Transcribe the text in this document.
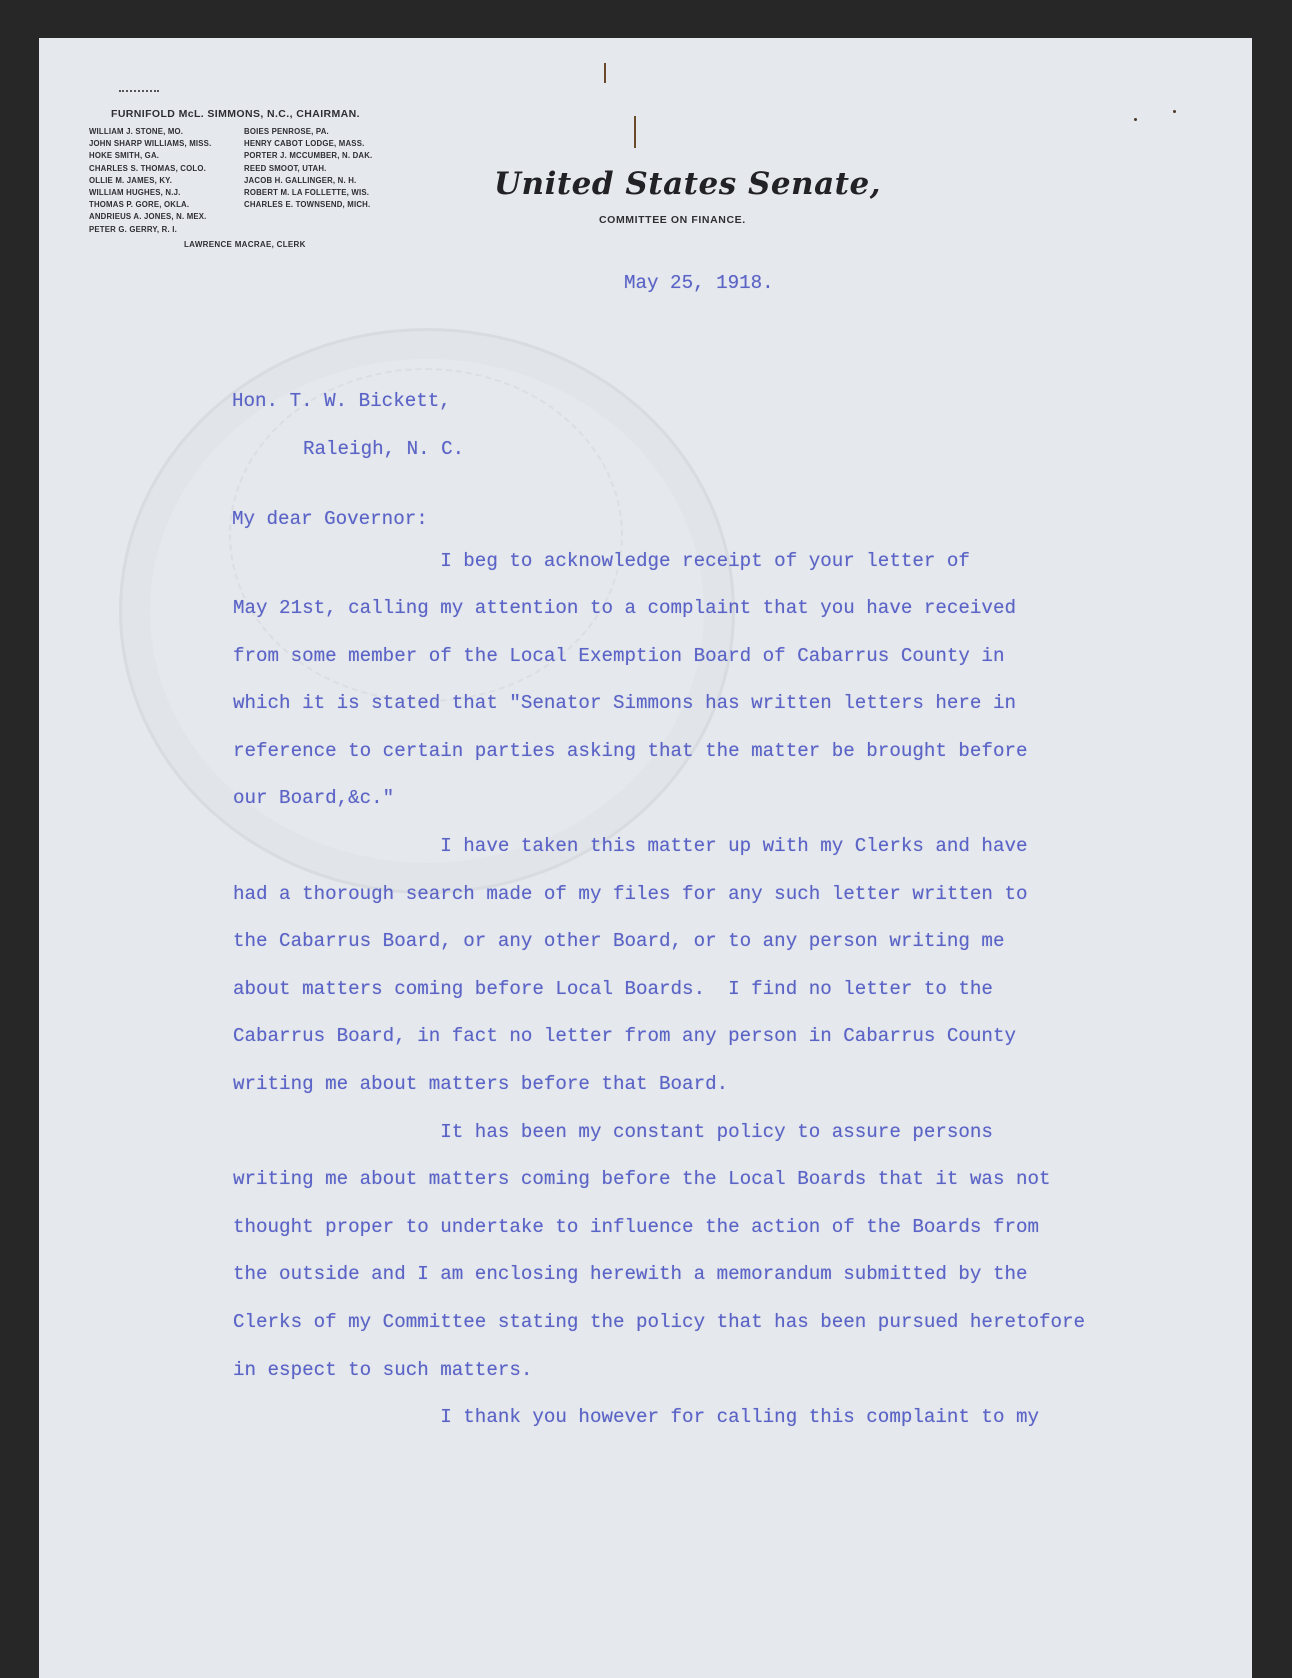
FURNIFOLD McL. SIMMONS, N.C., CHAIRMAN.
WILLIAM J. STONE, MO.
JOHN SHARP WILLIAMS, MISS.
HOKE SMITH, GA.
CHARLES S. THOMAS, COLO.
OLLIE M. JAMES, KY.
WILLIAM HUGHES, N.J.
THOMAS P. GORE, OKLA.
ANDRIEUS A. JONES, N. MEX.
PETER G. GERRY, R. I.
BOIES PENROSE, PA.
HENRY CABOT LODGE, MASS.
PORTER J. MCCUMBER, N. DAK.
REED SMOOT, UTAH.
JACOB H. GALLINGER, N. H.
ROBERT M. LA FOLLETTE, WIS.
CHARLES E. TOWNSEND, MICH.
LAWRENCE MACRAE, CLERK
United States Senate,
COMMITTEE ON FINANCE.
May 25, 1918.
Hon. T. W. Bickett,
Raleigh, N. C.
My dear Governor:
I beg to acknowledge receipt of your letter of
May 21st, calling my attention to a complaint that you have received
from some member of the Local Exemption Board of Cabarrus County in
which it is stated that "Senator Simmons has written letters here in
reference to certain parties asking that the matter be brought before
our Board,&c."
I have taken this matter up with my Clerks and have
had a thorough search made of my files for any such letter written to
the Cabarrus Board, or any other Board, or to any person writing me
about matters coming before Local Boards.  I find no letter to the
Cabarrus Board, in fact no letter from any person in Cabarrus County
writing me about matters before that Board.
It has been my constant policy to assure persons
writing me about matters coming before the Local Boards that it was not
thought proper to undertake to influence the action of the Boards from
the outside and I am enclosing herewith a memorandum submitted by the
Clerks of my Committee stating the policy that has been pursued heretofore
in espect to such matters.
I thank you however for calling this complaint to my
